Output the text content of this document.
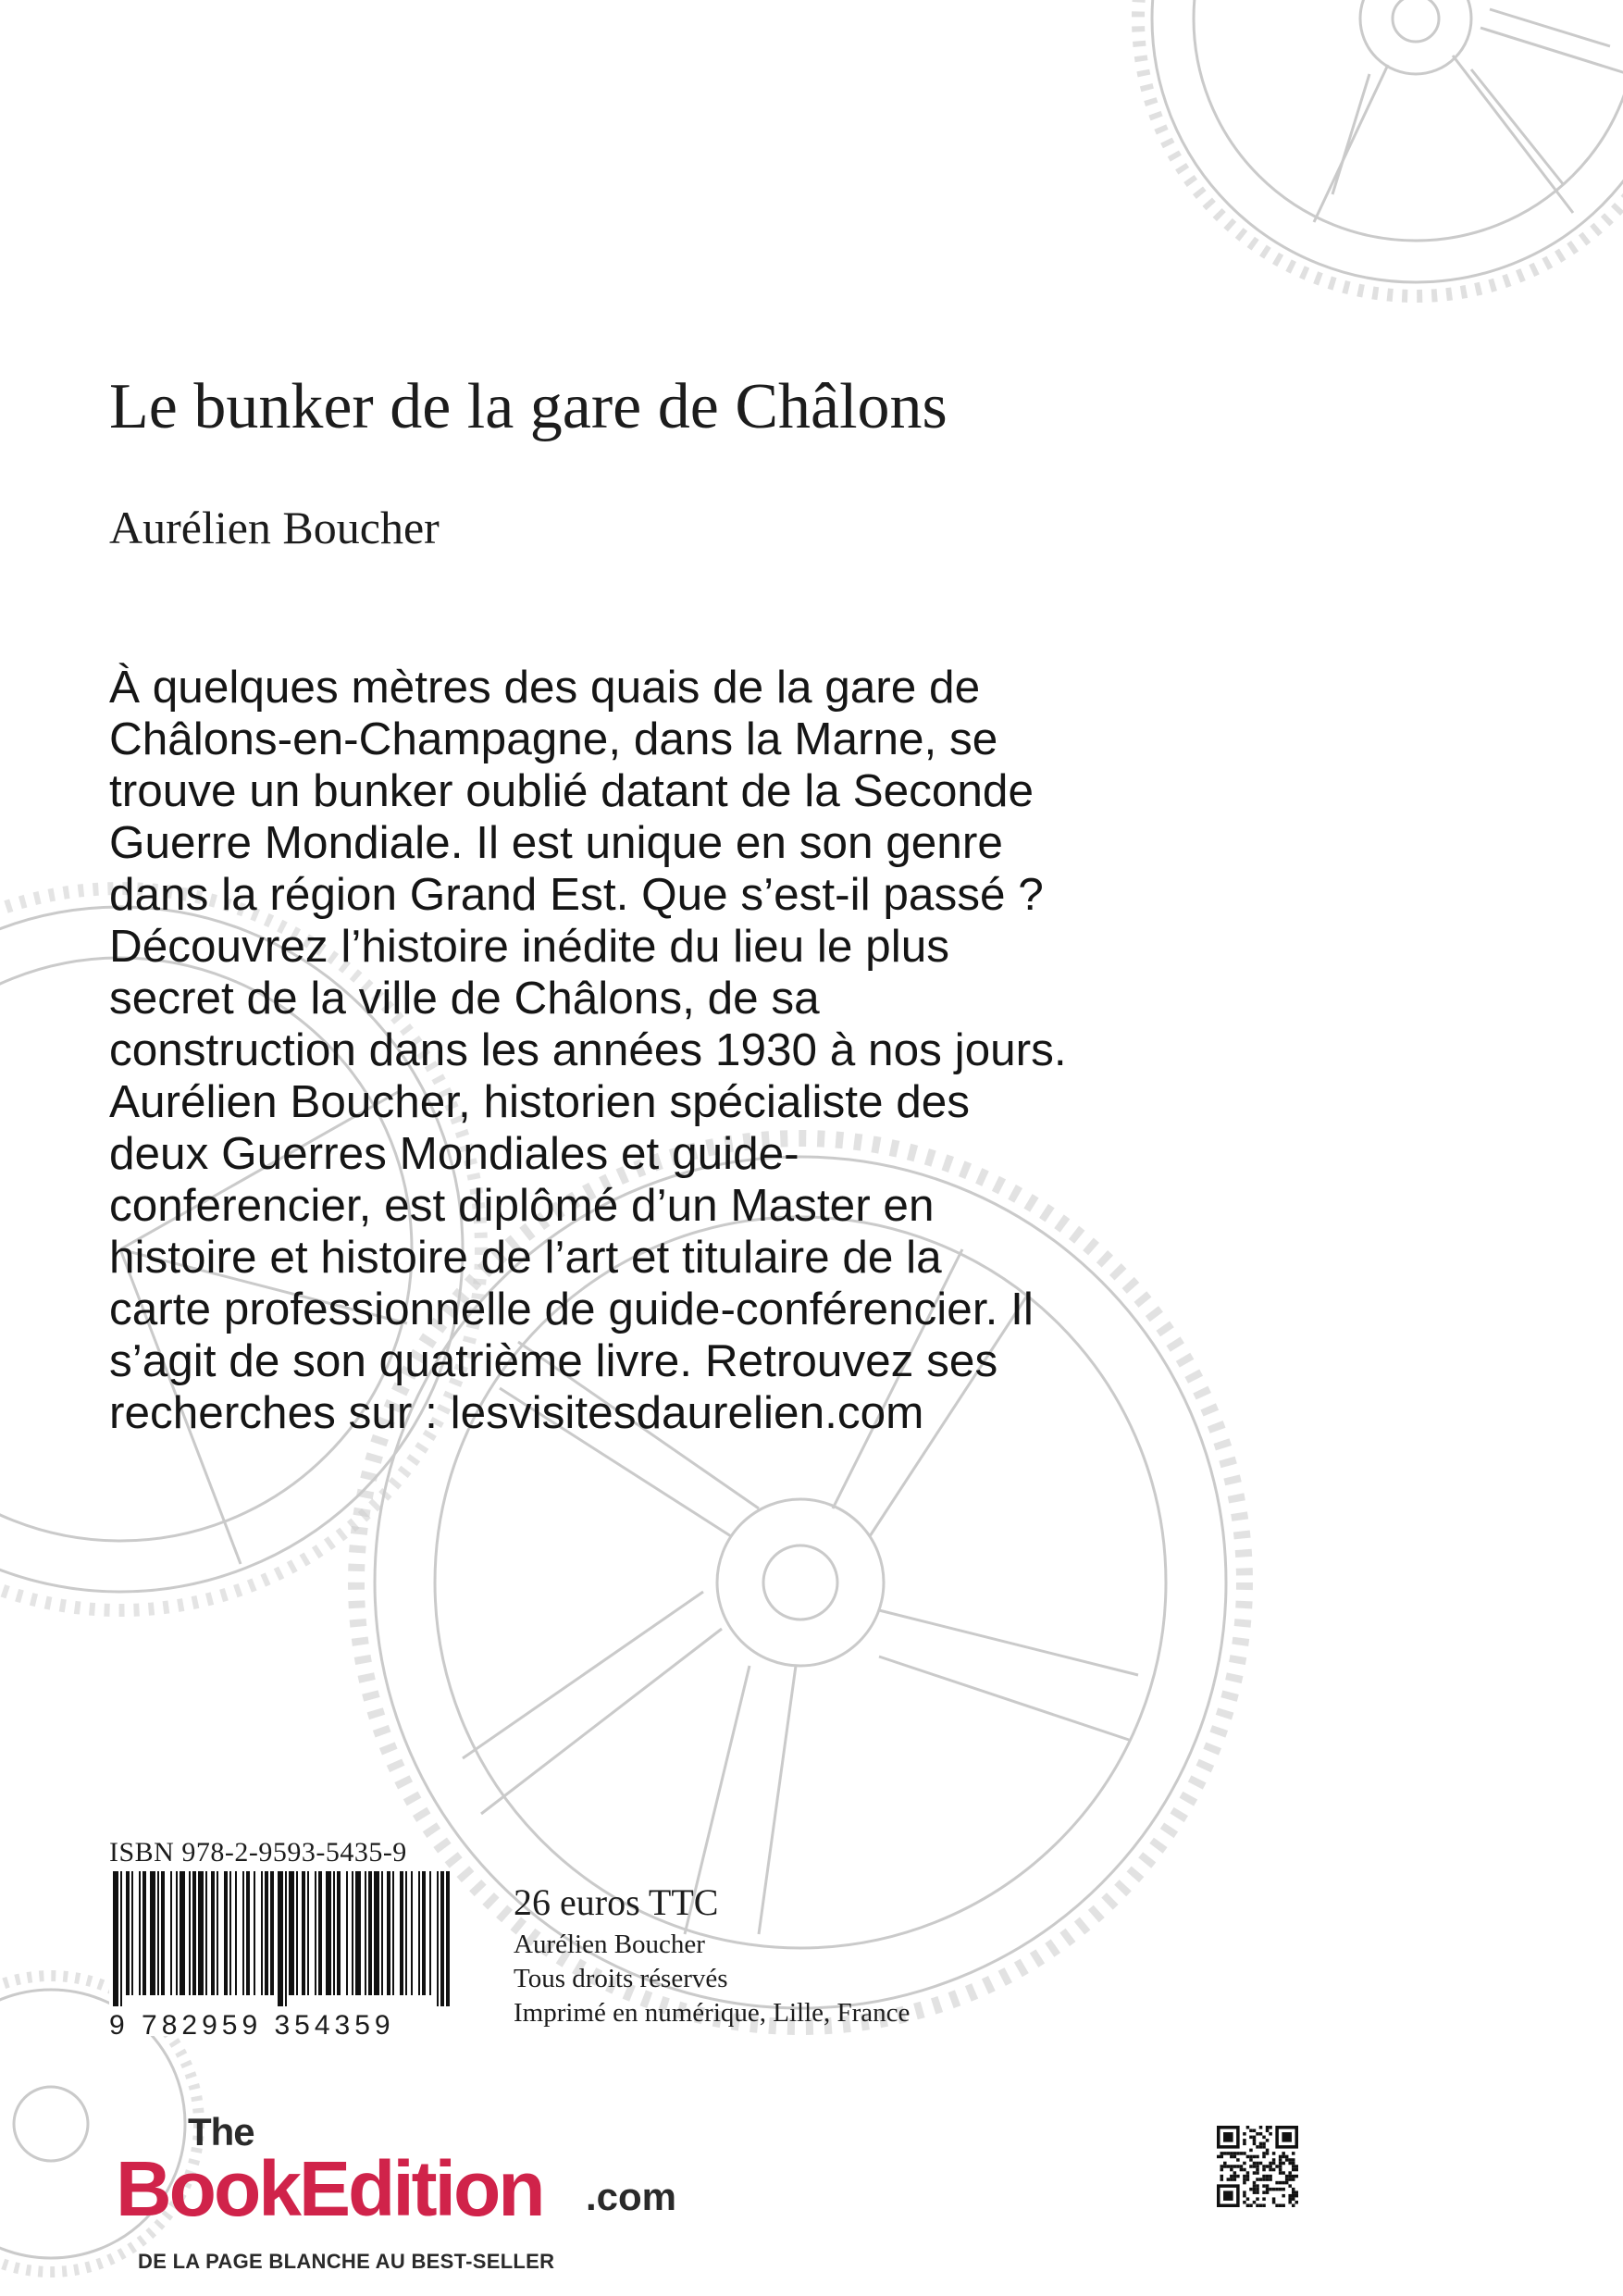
Le bunker de la gare de Châlons
Aurélien Boucher
À quelques mètres des quais de la gare de
Châlons-en-Champagne, dans la Marne, se
trouve un bunker oublié datant de la Seconde
Guerre Mondiale. Il est unique en son genre
dans la région Grand Est. Que s’est-il passé ?
Découvrez l’histoire inédite du lieu le plus
secret de la ville de Châlons, de sa
construction dans les années 1930 à nos jours.
Aurélien Boucher, historien spécialiste des
deux Guerres Mondiales et guide-
conferencier, est diplômé d’un Master en
histoire et histoire de l’art et titulaire de la
carte professionnelle de guide-conférencier. Il
s’agit de son quatrième livre. Retrouvez ses
recherches sur : lesvisitesdaurelien.com
ISBN 978-2-9593-5435-9
9 782959 354359
26 euros TTC
Aurélien Boucher
Tous droits réservés
Imprimé en numérique, Lille, France
The
BookEdition .com
DE LA PAGE BLANCHE AU BEST-SELLER
